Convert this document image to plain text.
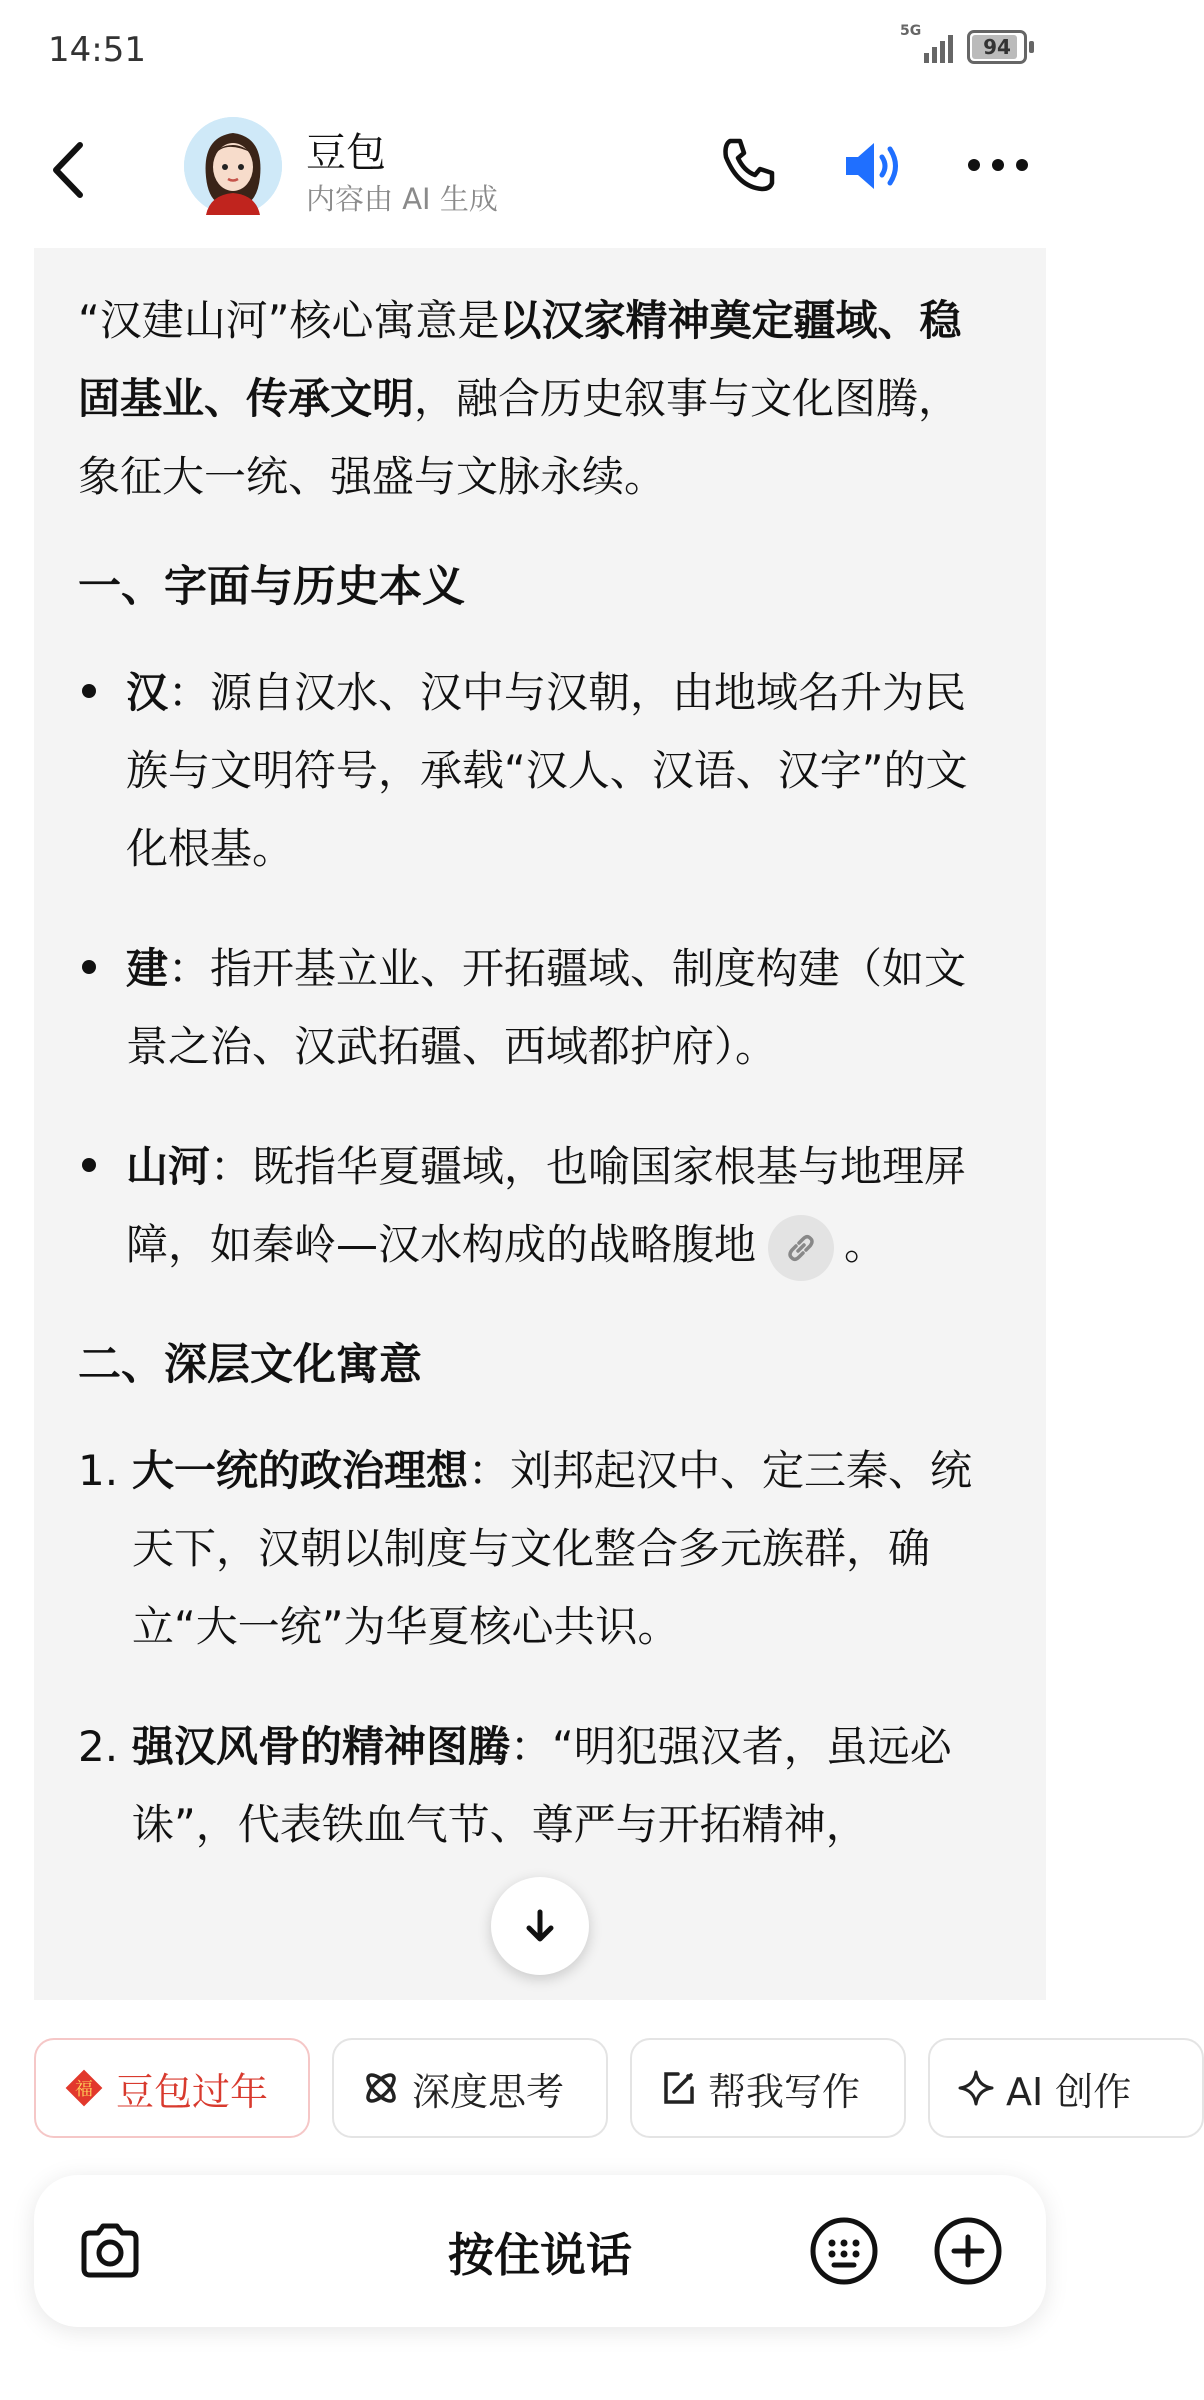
14:51	5G
94
豆包
内容由 AI 生成

“汉建山河”核心寓意是以汉家精神奠定疆域、稳固基业、传承文明，融合历史叙事与文化图腾，象征大一统、强盛与文脉永续。

一、字面与历史本义
汉：源自汉水、汉中与汉朝，由地域名升为民族与文明符号，承载“汉人、汉语、汉字”的文化根基。
建：指开基立业、开拓疆域、制度构建（如文景之治、汉武拓疆、西域都护府）。
山河：既指华夏疆域，也喻国家根基与地理屏障，如秦岭—汉水构成的战略腹地 。
二、深层文化寓意
1. 大一统的政治理想：刘邦起汉中、定三秦、统天下，汉朝以制度与文化整合多元族群，确立“大一统”为华夏核心共识。
2. 强汉风骨的精神图腾：“明犯强汉者，虽远必诛”，代表铁血气节、尊严与开拓精神，
福 豆包过年	深度思考	帮我写作	AI 创作
按住说话
